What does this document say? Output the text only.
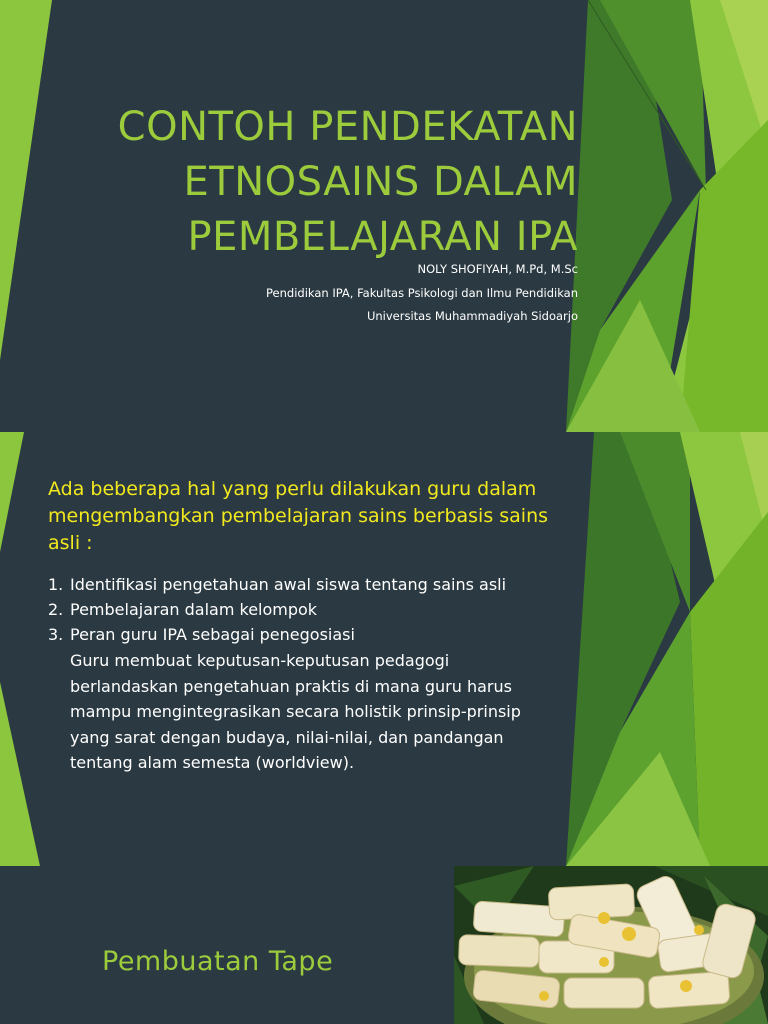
CONTOH PENDEKATAN
ETNOSAINS DALAM
PEMBELAJARAN IPA
NOLY SHOFIYAH, M.Pd, M.Sc
Pendidikan IPA, Fakultas Psikologi dan Ilmu Pendidikan
Universitas Muhammadiyah Sidoarjo
Ada beberapa hal yang perlu dilakukan guru dalam
mengembangkan pembelajaran sains berbasis sains
asli :
1. Identifikasi pengetahuan awal siswa tentang sains asli
2. Pembelajaran dalam kelompok
3. Peran guru IPA sebagai penegosiasi
Guru membuat keputusan-keputusan pedagogi
berlandaskan pengetahuan praktis di mana guru harus
mampu mengintegrasikan secara holistik prinsip-prinsip
yang sarat dengan budaya, nilai-nilai, dan pandangan
tentang alam semesta (worldview).
Pembuatan Tape
